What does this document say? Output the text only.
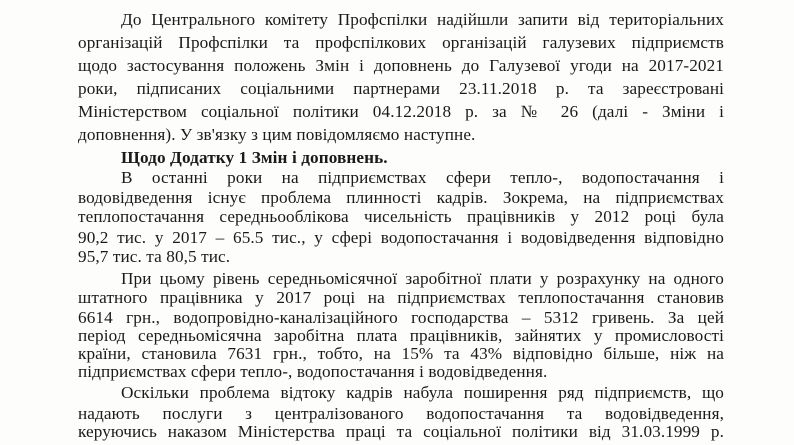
До Центрального комітету Профспілки надійшли запити від територіальних
організацій Профспілки та профспілкових організацій галузевих підприємств
щодо застосування положень Змін і доповнень до Галузевої угоди на 2017-2021
роки, підписаних соціальними партнерами 23.11.2018 р. та зареєстровані
Міністерством соціальної політики 04.12.2018 р. за № 26 (далі - Зміни і
доповнення). У зв'язку з цим повідомляємо наступне.
Щодо Додатку 1 Змін і доповнень.
В останні роки на підприємствах сфери тепло-, водопостачання і
водовідведення існує проблема плинності кадрів. Зокрема, на підприємствах
теплопостачання середньооблікова чисельність працівників у 2012 році була
90,2 тис. у 2017 – 65.5 тис., у сфері водопостачання і водовідведення відповідно
95,7 тис. та 80,5 тис.
При цьому рівень середньомісячної заробітної плати у розрахунку на одного
штатного працівника у 2017 році на підприємствах теплопостачання становив
6614 грн., водопровідно-каналізаційного господарства – 5312 гривень. За цей
період середньомісячна заробітна плата працівників, зайнятих у промисловості
країни, становила 7631 грн., тобто, на 15% та 43% відповідно більше, ніж на
підприємствах сфери тепло-, водопостачання і водовідведення.
Оскільки проблема відтоку кадрів набула поширення ряд підприємств, що
надають послуги з централізованого водопостачання та водовідведення,
керуючись наказом Міністерства праці та соціальної політики від 31.03.1999 р.
